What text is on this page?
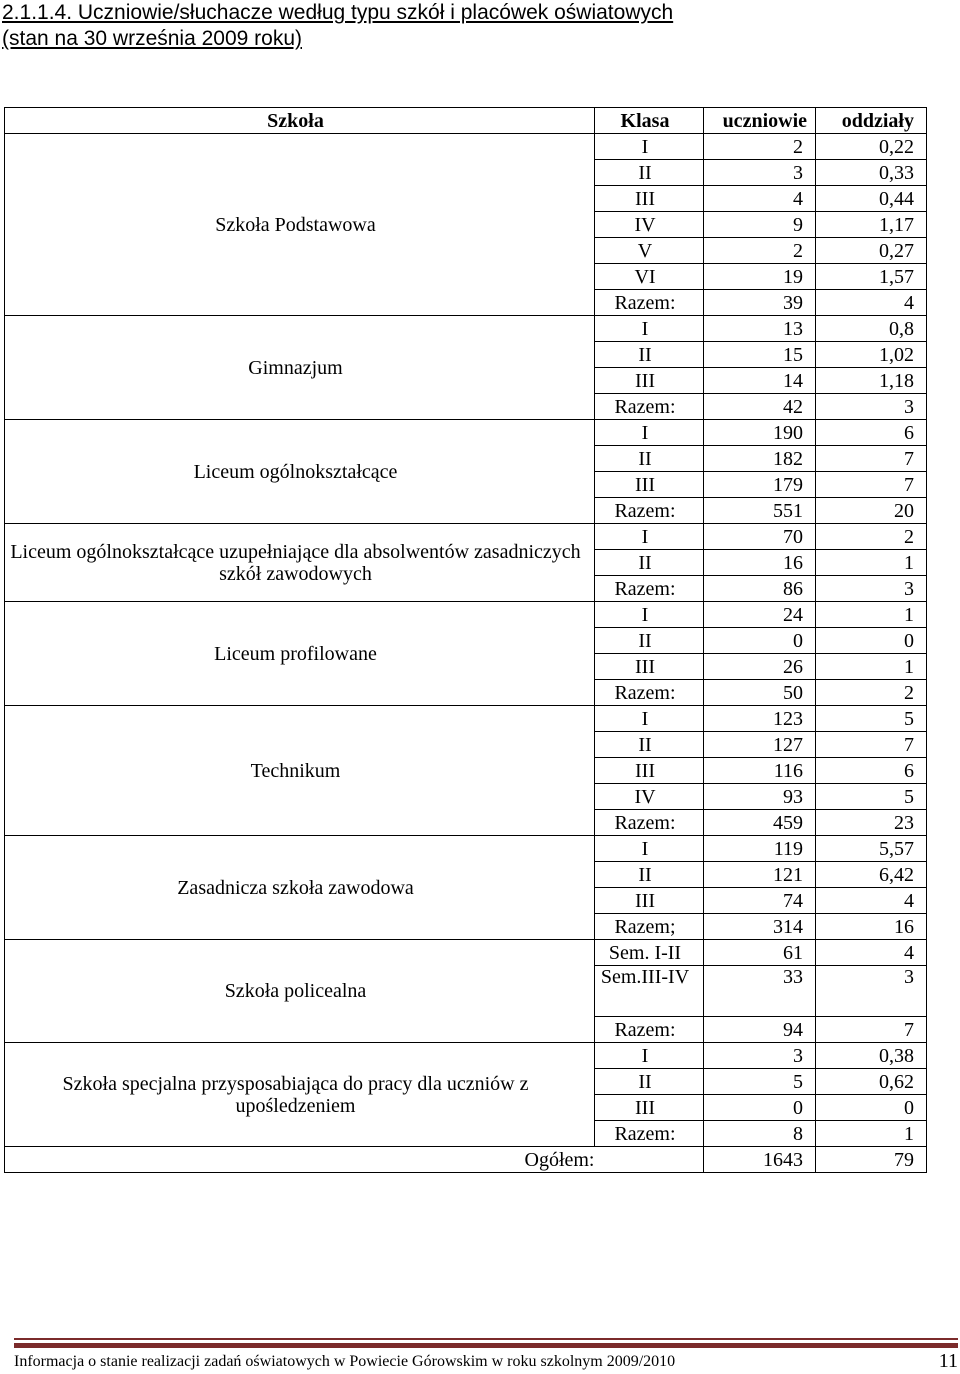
2.1.1.4. Uczniowie/słuchacze według typu szkół i placówek oświatowych
(stan na 30 września 2009 roku)
Szkoła	Klasa	uczniowie	oddziały
Szkoła Podstawowa	I	2	0,22
	II	3	0,33
	III	4	0,44
	IV	9	1,17
	V	2	0,27
	VI	19	1,57
	Razem:	39	4
Gimnazjum	I	13	0,8
	II	15	1,02
	III	14	1,18
	Razem:	42	3
Liceum ogólnokształcące	I	190	6
	II	182	7
	III	179	7
	Razem:	551	20
Liceum ogólnokształcące uzupełniające dla absolwentów zasadniczych szkół zawodowych	I	70	2
	II	16	1
	Razem:	86	3
Liceum profilowane	I	24	1
	II	0	0
	III	26	1
	Razem:	50	2
Technikum	I	123	5
	II	127	7
	III	116	6
	IV	93	5
	Razem:	459	23
Zasadnicza szkoła zawodowa	I	119	5,57
	II	121	6,42
	III	74	4
	Razem;	314	16
Szkoła policealna	Sem. I-II	61	4
	Sem.III-IV	33	3
	Razem:	94	7
Szkoła specjalna przysposabiająca do pracy dla uczniów z upośledzeniem	I	3	0,38
	II	5	0,62
	III	0	0
	Razem:	8	1
Ogółem:		1643	79
Informacja o stanie realizacji zadań oświatowych w Powiecie Górowskim w roku szkolnym 2009/2010	11
